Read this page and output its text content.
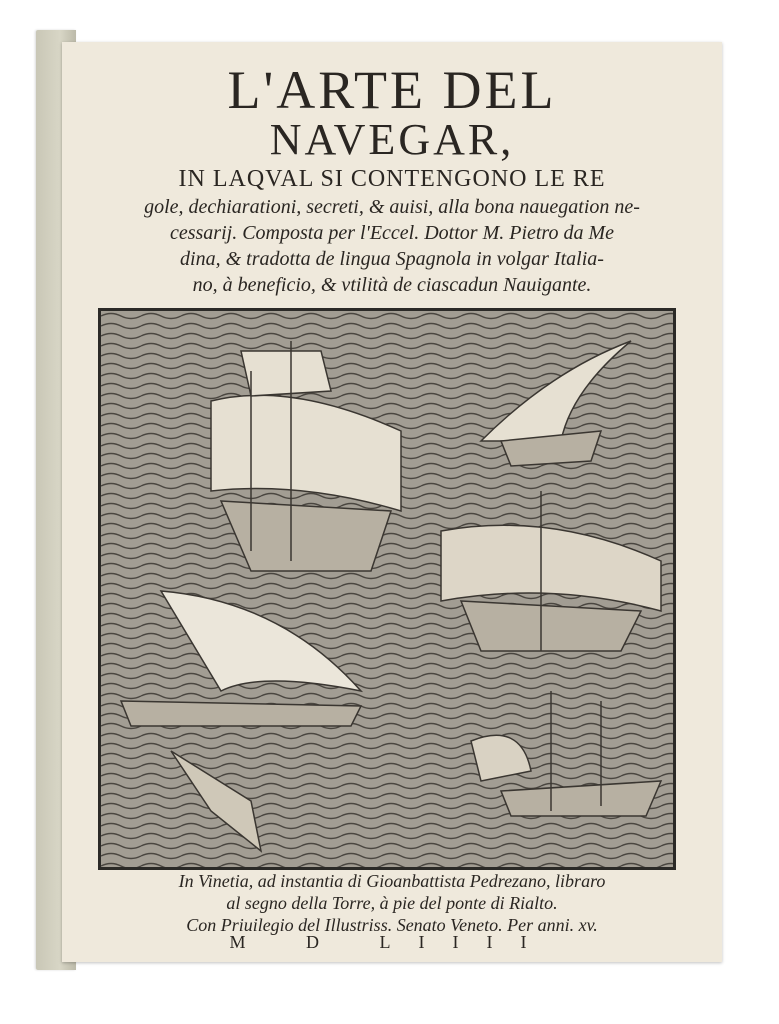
L'ARTE DEL
NAVEGAR,
IN LAQVAL SI CONTENGONO LE RE
gole, dechiarationi, secreti, & auisi, alla bona nauegation ne-
cessarij. Composta per l'Eccel. Dottor M. Pietro da Me
dina, & tradotta de lingua Spagnola in volgar Italia-
no, à beneficio, & vtilità de ciascadun Nauigante.
In Vinetia, ad instantia di Gioanbattista Pedrezano, libraro
al segno della Torre, à pie del ponte di Rialto.
Con Priuilegio del Illustriss. Senato Veneto. Per anni. xv.
M D LIIII
